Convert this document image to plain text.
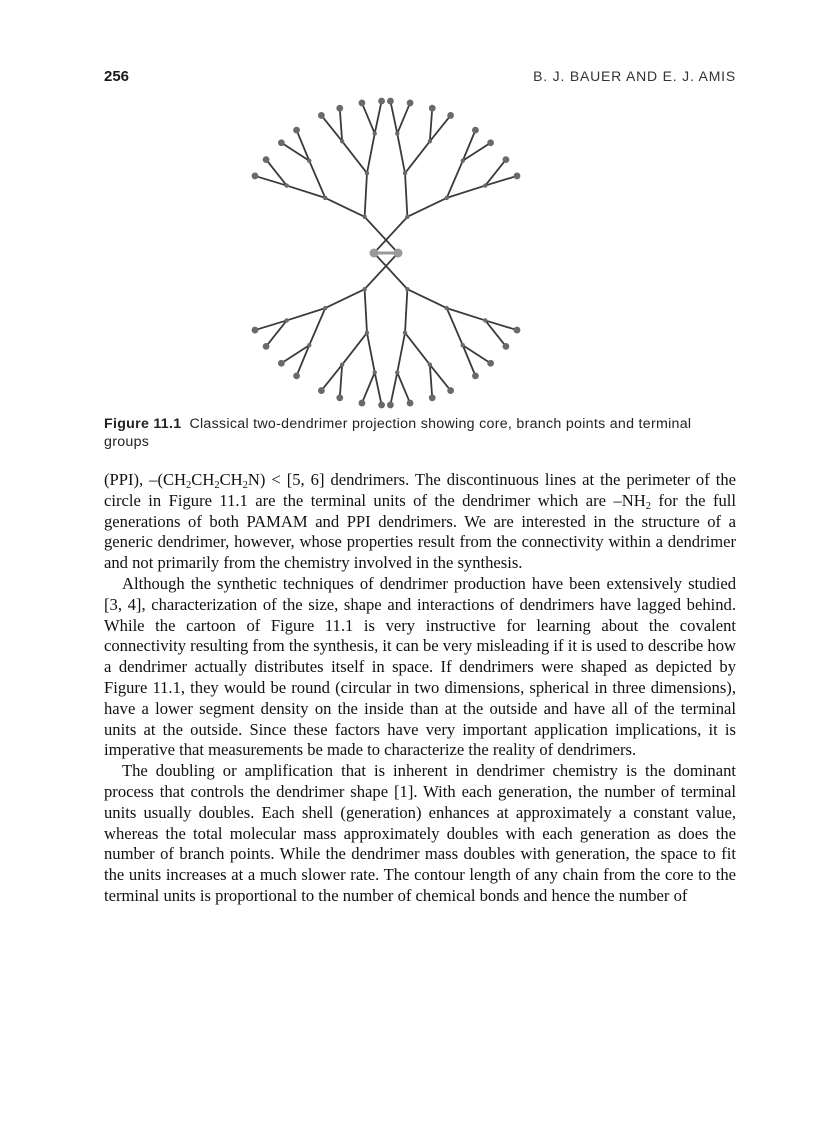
256	B. J. BAUER AND E. J. AMIS
Figure 11.1 Classical two-dendrimer projection showing core, branch points and terminal groups

(PPI), $-(CH_2CH_2CH_2N) < [5$, 6] dendrimers. The discontinuous lines at the perimeter of the circle in Figure 11.1 are the terminal units of the dendrimer which are $-NH_2$ for the full generations of both PAMAM and PPI dendrimers. We are interested in the structure of a generic dendrimer, however, whose properties result from the connectivity within a dendrimer and not primarily from the chemistry involved in the synthesis.

Although the synthetic techniques of dendrimer production have been extensively studied [3, 4], characterization of the size, shape and interactions of dendrimers have lagged behind. While the cartoon of Figure 11.1 is very instructive for learning about the covalent connectivity resulting from the synthesis, it can be very misleading if it is used to describe how a dendrimer actually distributes itself in space. If dendrimers were shaped as depicted by Figure 11.1, they would be round (circular in two dimensions, spherical in three dimensions), have a lower segment density on the inside than at the outside and have all of the terminal units at the outside. Since these factors have very important application implications, it is imperative that measurements be made to characterize the reality of dendrimers.

The doubling or amplification that is inherent in dendrimer chemistry is the dominant process that controls the dendrimer shape [1]. With each generation, the number of terminal units usually doubles. Each shell (generation) enhances at approximately a constant value, whereas the total molecular mass approximately doubles with each generation as does the number of branch points. While the dendrimer mass doubles with generation, the space to fit the units increases at a much slower rate. The contour length of any chain from the core to the terminal units is proportional to the number of chemical bonds and hence the number of
